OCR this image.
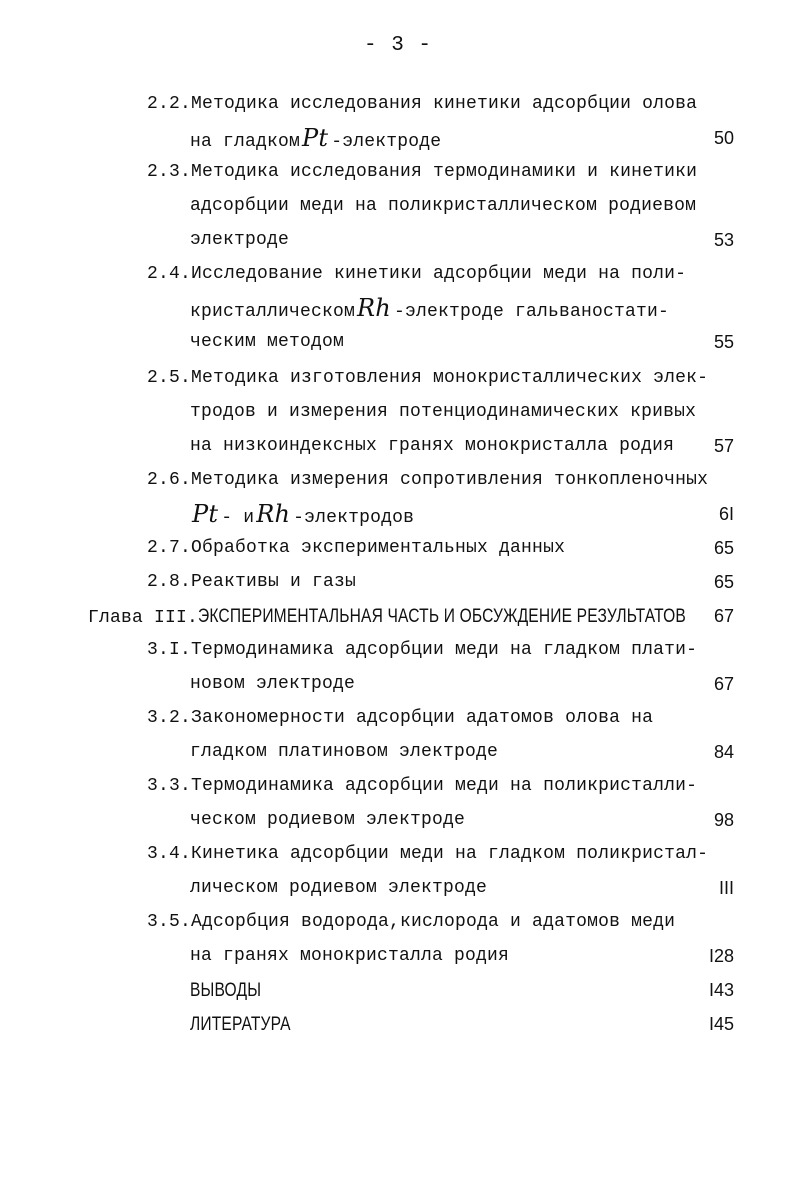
- 3 -
2.2.Методика исследования кинетики адсорбции олова
на гладкомPt -электроде	50
2.3.Методика исследования термодинамики и кинетики
адсорбции меди на поликристаллическом родиевом
электроде	53
2.4.Исследование кинетики адсорбции меди на поли-
кристаллическомRh -электроде гальваностати-
ческим методом	55
2.5.Методика изготовления монокристаллических элек-
тродов и измерения потенциодинамических кривых
на низкоиндексных гранях монокристалла родия 57
2.6.Методика измерения сопротивления тонкопленочных
Pt - иRh -электродов	6I
2.7.Обработка экспериментальных данных	65
2.8.Реактивы и газы	65
Глава III.ЭКСПЕРИМЕНТАЛЬНАЯ ЧАСТЬ И ОБСУЖДЕНИЕ РЕЗУЛЬТАТОВ	67
3.I.Термодинамика адсорбции меди на гладком плати-
новом электроде	67
3.2.Закономерности адсорбции адатомов олова на
гладком платиновом электроде	84
3.3.Термодинамика адсорбции меди на поликристалли-
ческом родиевом электроде	98
3.4.Кинетика адсорбции меди на гладком поликристал-
лическом родиевом электроде	III
3.5.Адсорбция водорода,кислорода и адатомов меди
на гранях монокристалла родия	I28
ВЫВОДЫ	I43
ЛИТЕРАТУРА	I45
